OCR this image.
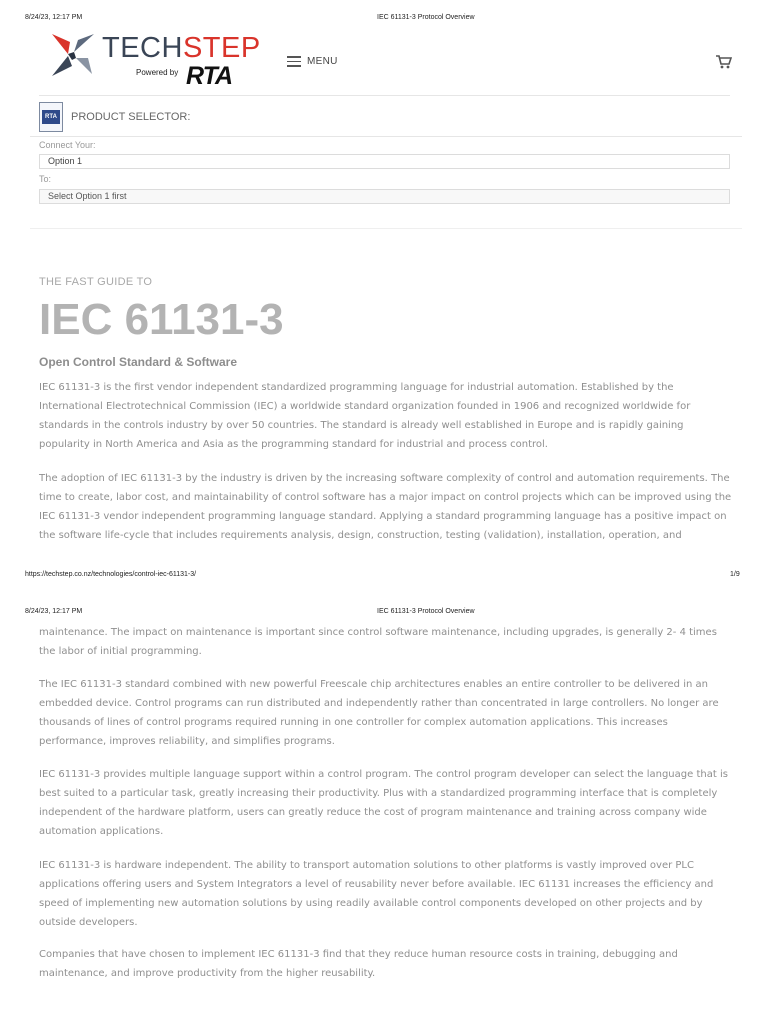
8/24/23, 12:17 PM	IEC 61131-3 Protocol Overview
TECHSTEP
Powered by RTA
MENU
RTA PRODUCT SELECTOR:
Connect Your:
Option 1
To:
Select Option 1 first
THE FAST GUIDE TO
IEC 61131-3
Open Control Standard & Software

IEC 61131-3 is the first vendor independent standardized programming language for industrial automation. Established by the International Electrotechnical Commission (IEC) a worldwide standard organization founded in 1906 and recognized worldwide for standards in the controls industry by over 50 countries. The standard is already well established in Europe and is rapidly gaining popularity in North America and Asia as the programming standard for industrial and process control.

The adoption of IEC 61131-3 by the industry is driven by the increasing software complexity of control and automation requirements. The time to create, labor cost, and maintainability of control software has a major impact on control projects which can be improved using the IEC 61131-3 vendor independent programming language standard. Applying a standard programming language has a positive impact on the software life-cycle that includes requirements analysis, design, construction, testing (validation), installation, operation, and

https://techstep.co.nz/technologies/control-iec-61131-3/	1/9
8/24/23, 12:17 PM	IEC 61131-3 Protocol Overview

maintenance. The impact on maintenance is important since control software maintenance, including upgrades, is generally 2- 4 times the labor of initial programming.

The IEC 61131-3 standard combined with new powerful Freescale chip architectures enables an entire controller to be delivered in an embedded device. Control programs can run distributed and independently rather than concentrated in large controllers. No longer are thousands of lines of control programs required running in one controller for complex automation applications. This increases performance, improves reliability, and simplifies programs.

IEC 61131-3 provides multiple language support within a control program. The control program developer can select the language that is best suited to a particular task, greatly increasing their productivity. Plus with a standardized programming interface that is completely independent of the hardware platform, users can greatly reduce the cost of program maintenance and training across company wide automation applications.

IEC 61131-3 is hardware independent. The ability to transport automation solutions to other platforms is vastly improved over PLC applications offering users and System Integrators a level of reusability never before available. IEC 61131 increases the efficiency and speed of implementing new automation solutions by using readily available control components developed on other projects and by outside developers.

Companies that have chosen to implement IEC 61131-3 find that they reduce human resource costs in training, debugging and maintenance, and improve productivity from the higher reusability.
